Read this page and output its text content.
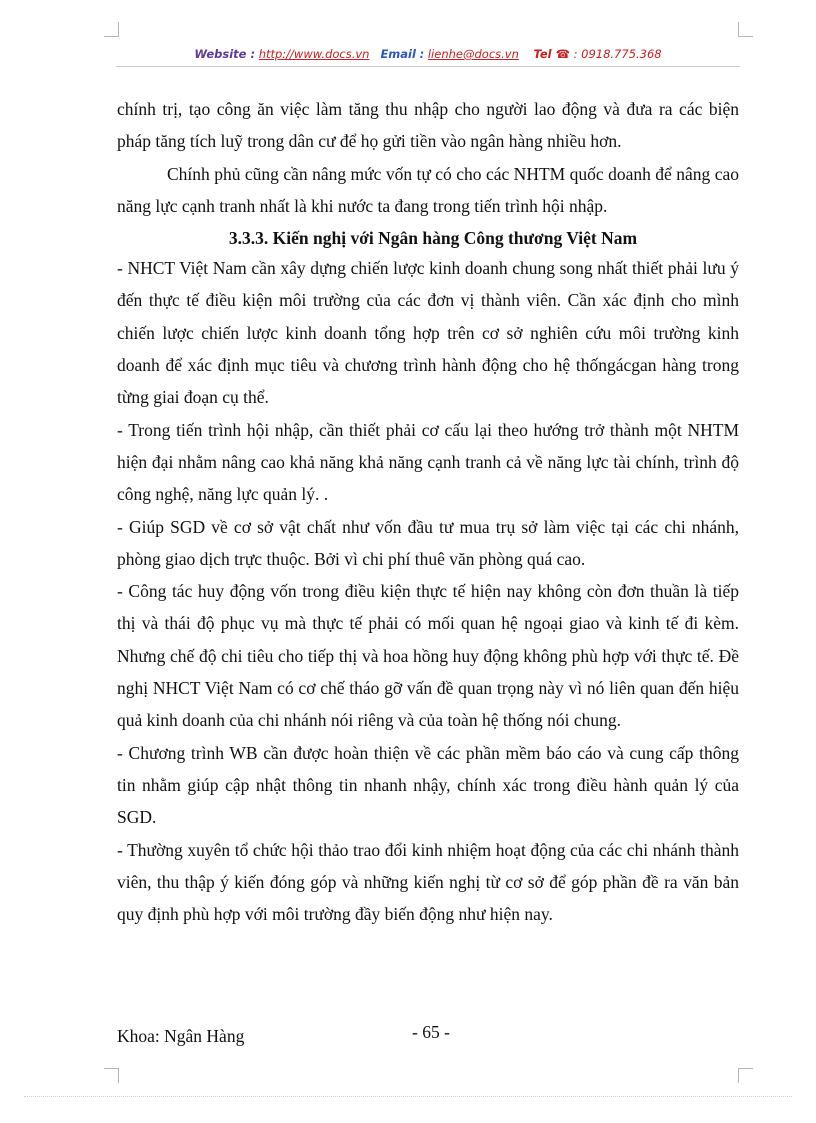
Website : http://www.docs.vn Email : lienhe@docs.vn Tel ☎ : 0918.775.368

chính trị, tạo công ăn việc làm tăng thu nhập cho người lao động và đưa ra các biện pháp tăng tích luỹ trong dân cư để họ gửi tiền vào ngân hàng nhiều hơn.

Chính phủ cũng cần nâng mức vốn tự có cho các NHTM quốc doanh để nâng cao năng lực cạnh tranh nhất là khi nước ta đang trong tiến trình hội nhập.

3.3.3. Kiến nghị với Ngân hàng Công thương Việt Nam

- NHCT Việt Nam cần xây dựng chiến lược kinh doanh chung song nhất thiết phải lưu ý đến thực tế điều kiện môi trường của các đơn vị thành viên. Cần xác định cho mình chiến lược chiến lược kinh doanh tổng hợp trên cơ sở nghiên cứu môi trường kinh doanh để xác định mục tiêu và chương trình hành động cho hệ thốngácgan hàng trong từng giai đoạn cụ thể.

- Trong tiến trình hội nhập, cần thiết phải cơ cấu lại theo hướng trở thành một NHTM hiện đại nhằm nâng cao khả năng khả năng cạnh tranh cả về năng lực tài chính, trình độ công nghệ, năng lực quản lý. .

- Giúp SGD về cơ sở vật chất như vốn đầu tư mua trụ sở làm việc tại các chi nhánh, phòng giao dịch trực thuộc. Bởi vì chi phí thuê văn phòng quá cao.

- Công tác huy động vốn trong điều kiện thực tế hiện nay không còn đơn thuần là tiếp thị và thái độ phục vụ mà thực tế phải có mối quan hệ ngoại giao và kinh tế đi kèm. Nhưng chế độ chi tiêu cho tiếp thị và hoa hồng huy động không phù hợp với thực tế. Đề nghị NHCT Việt Nam có cơ chế tháo gỡ vấn đề quan trọng này vì nó liên quan đến hiệu quả kinh doanh của chi nhánh nói riêng và của toàn hệ thống nói chung.

- Chương trình WB cần được hoàn thiện về các phần mềm báo cáo và cung cấp thông tin nhằm giúp cập nhật thông tin nhanh nhậy, chính xác trong điều hành quản lý của SGD.

- Thường xuyên tổ chức hội thảo trao đổi kinh nhiệm hoạt động của các chi nhánh thành viên, thu thập ý kiến đóng góp và những kiến nghị từ cơ sở để góp phần đề ra văn bản quy định phù hợp với môi trường đầy biến động như hiện nay.

Khoa: Ngân Hàng	- 65 -
